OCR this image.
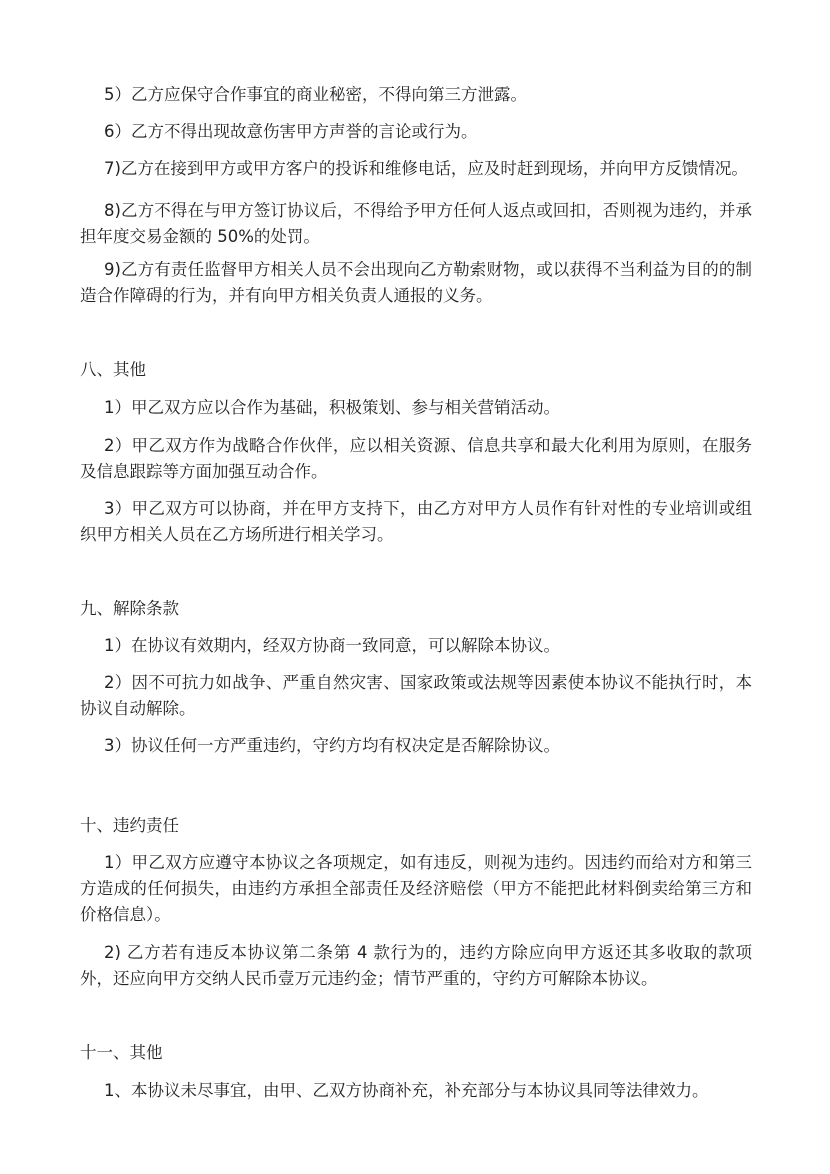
5）乙方应保守合作事宜的商业秘密，不得向第三方泄露。

6）乙方不得出现故意伤害甲方声誉的言论或行为。

7)乙方在接到甲方或甲方客户的投诉和维修电话，应及时赶到现场，并向甲方反馈情况。

8)乙方不得在与甲方签订协议后，不得给予甲方任何人返点或回扣，否则视为违约，并承担年度交易金额的 50%的处罚。

9)乙方有责任监督甲方相关人员不会出现向乙方勒索财物，或以获得不当利益为目的的制造合作障碍的行为，并有向甲方相关负责人通报的义务。

八、其他

1）甲乙双方应以合作为基础，积极策划、参与相关营销活动。

2）甲乙双方作为战略合作伙伴，应以相关资源、信息共享和最大化利用为原则，在服务及信息跟踪等方面加强互动合作。

3）甲乙双方可以协商，并在甲方支持下，由乙方对甲方人员作有针对性的专业培训或组织甲方相关人员在乙方场所进行相关学习。

九、解除条款

1）在协议有效期内，经双方协商一致同意，可以解除本协议。

2）因不可抗力如战争、严重自然灾害、国家政策或法规等因素使本协议不能执行时，本协议自动解除。

3）协议任何一方严重违约，守约方均有权决定是否解除协议。

十、违约责任

1）甲乙双方应遵守本协议之各项规定，如有违反，则视为违约。因违约而给对方和第三方造成的任何损失，由违约方承担全部责任及经济赔偿（甲方不能把此材料倒卖给第三方和价格信息）。

2) 乙方若有违反本协议第二条第 4 款行为的，违约方除应向甲方返还其多收取的款项外，还应向甲方交纳人民币壹万元违约金；情节严重的，守约方可解除本协议。

十一、其他

1、本协议未尽事宜，由甲、乙双方协商补充，补充部分与本协议具同等法律效力。
